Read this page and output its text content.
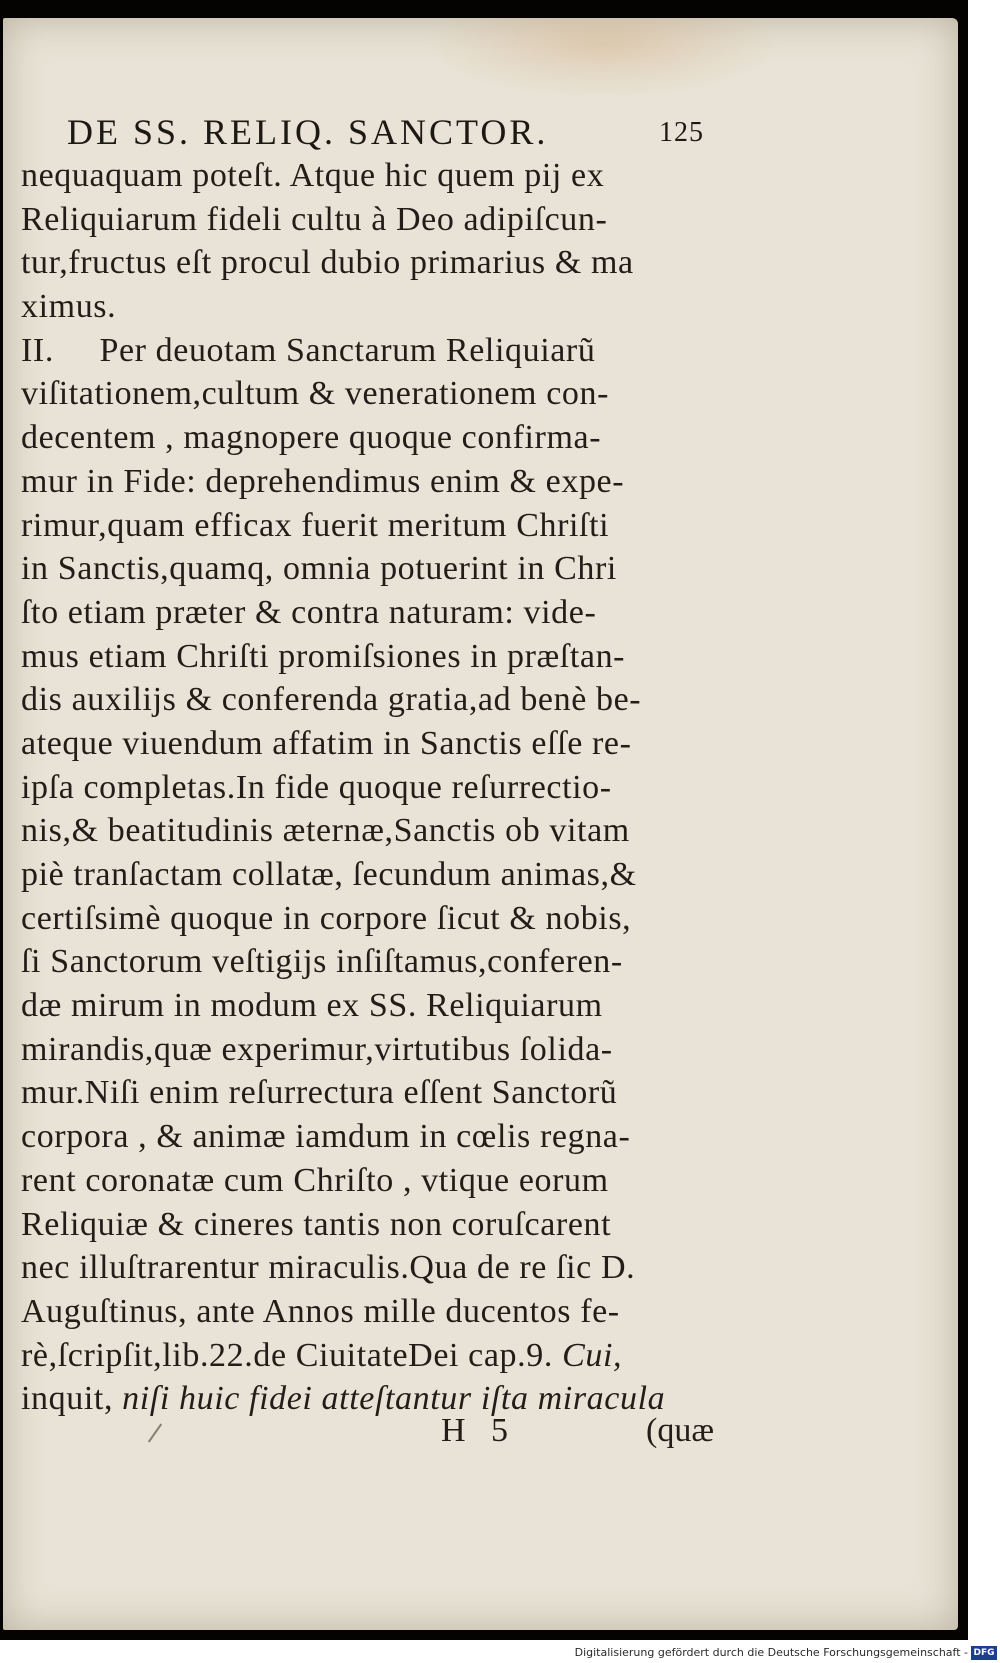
DE SS. RELIQ. SANCTOR.	125
nequaquam poteſt. Atque hic quem pij ex
Reliquiarum fideli cultu à Deo adipiſcun-
tur,fructus eſt procul dubio primarius & ma
ximus.
II.     Per deuotam Sanctarum Reliquiarũ
viſitationem,cultum & venerationem con-
decentem , magnopere quoque confirma-
mur in Fide: deprehendimus enim & expe-
rimur,quam efficax fuerit meritum Chriſti
in Sanctis,quamq, omnia potuerint in Chri
ſto etiam præter & contra naturam: vide-
mus etiam Chriſti promiſsiones in præſtan-
dis auxilijs & conferenda gratia,ad benè be-
ateque viuendum affatim in Sanctis eſſe re-
ipſa completas.In fide quoque reſurrectio-
nis,& beatitudinis æternæ,Sanctis ob vitam
piè tranſactam collatæ, ſecundum animas,&
certiſsimè quoque in corpore ſicut & nobis,
ſi Sanctorum veſtigijs inſiſtamus,conferen-
dæ mirum in modum ex SS. Reliquiarum
mirandis,quæ experimur,virtutibus ſolida-
mur.Niſi enim reſurrectura eſſent Sanctorũ
corpora , & animæ iamdum in cœlis regna-
rent coronatæ cum Chriſto , vtique eorum
Reliquiæ & cineres tantis non coruſcarent
nec illuſtrarentur miraculis.Qua de re ſic D.
Auguſtinus, ante Annos mille ducentos fe-
rè,ſcripſit,lib.22.de CiuitateDei cap.9. Cui,
inquit, niſi huic fidei atteſtantur iſta miracula
H   5	(quæ
Digitalisierung gefördert durch die Deutsche Forschungsgemeinschaft - DFG
